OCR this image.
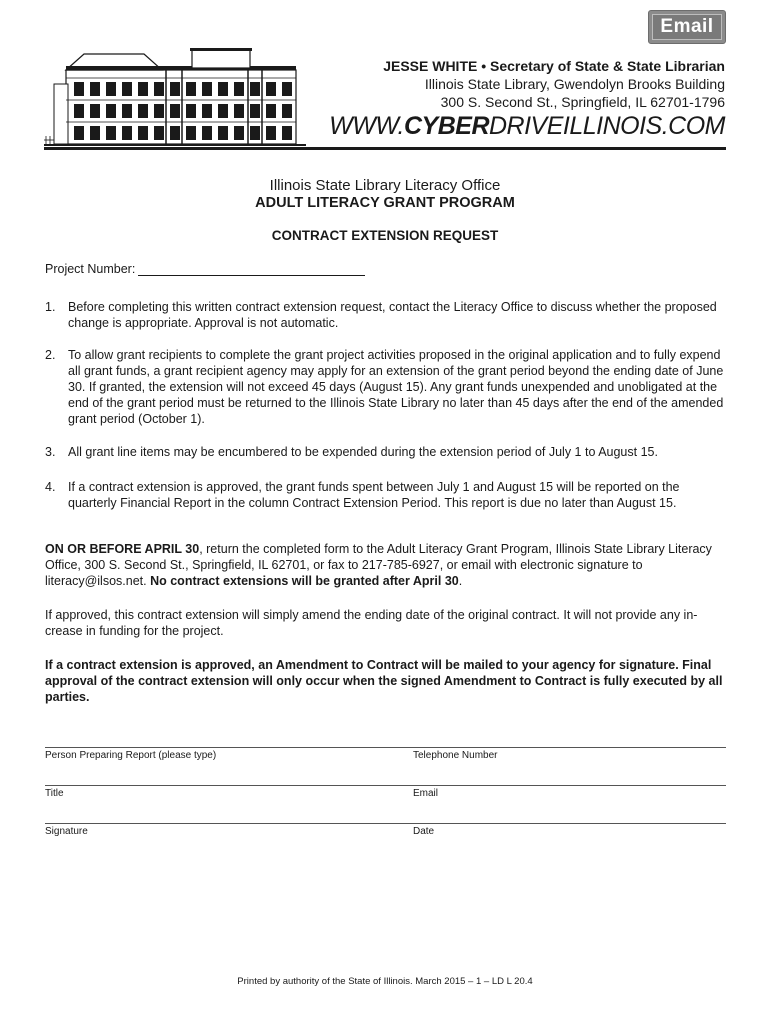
Email
JESSE WHITE • Secretary of State & State Librarian
Illinois State Library, Gwendolyn Brooks Building
300 S. Second St., Springfield, IL 62701-1796
WWW.CYBERDRIVEILLINOIS.COM
Illinois State Library Literacy Office
ADULT LITERACY GRANT PROGRAM
CONTRACT EXTENSION REQUEST
Project Number:
1. Before completing this written contract extension request, contact the Literacy Office to discuss whether the proposed change is appropriate. Approval is not automatic.
2. To allow grant recipients to complete the grant project activities proposed in the original application and to fully expend all grant funds, a grant recipient agency may apply for an extension of the grant period beyond the ending date of June 30. If granted, the extension will not exceed 45 days (August 15). Any grant funds unexpended and unobligated at the end of the grant period must be returned to the Illinois State Library no later than 45 days after the end of the amended grant period (October 1).
3. All grant line items may be encumbered to be expended during the extension period of July 1 to August 15.
4. If a contract extension is approved, the grant funds spent between July 1 and August 15 will be reported on the quarterly Financial Report in the column Contract Extension Period. This report is due no later than August 15.
ON OR BEFORE APRIL 30, return the completed form to the Adult Literacy Grant Program, Illinois State Library Literacy Office, 300 S. Second St., Springfield, IL 62701, or fax to 217-785-6927, or email with electronic signature to literacy@ilsos.net. No contract extensions will be granted after April 30.
If approved, this contract extension will simply amend the ending date of the original contract. It will not provide any in-crease in funding for the project.
If a contract extension is approved, an Amendment to Contract will be mailed to your agency for signature. Final approval of the contract extension will only occur when the signed Amendment to Contract is fully executed by all parties.
Person Preparing Report (please type)	Telephone Number
Title	Email
Signature	Date
Printed by authority of the State of Illinois. March 2015 – 1 – LD L 20.4
